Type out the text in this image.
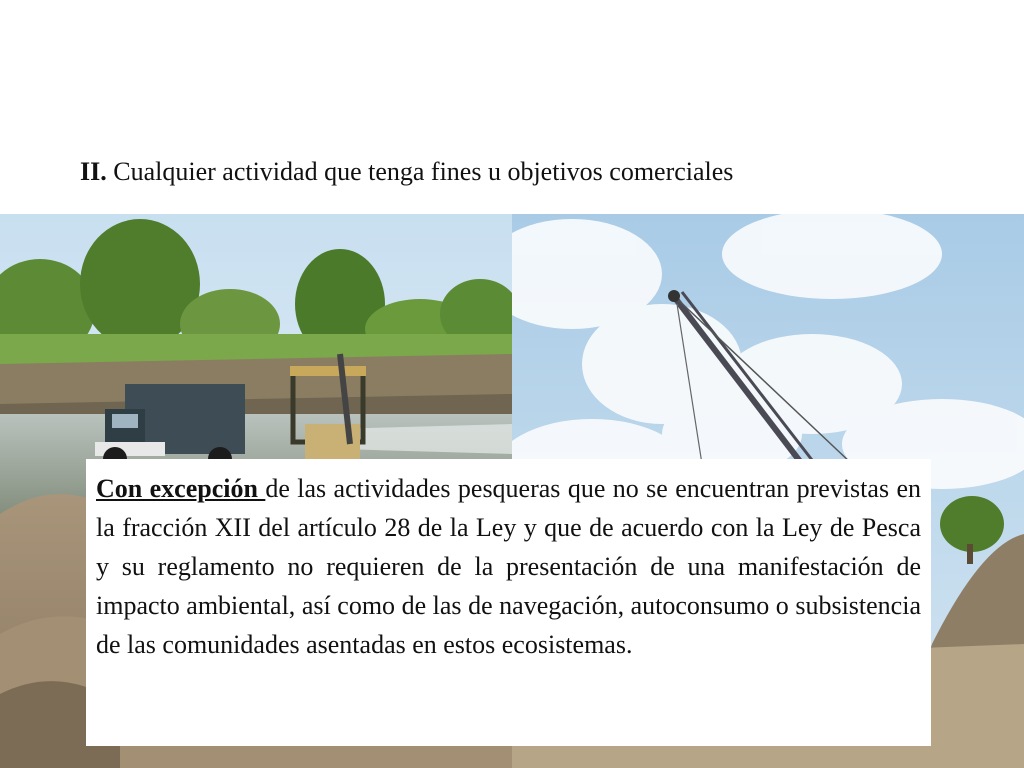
II. Cualquier actividad que tenga fines u objetivos comerciales

Con excepción de las actividades pesqueras que no se encuentran previstas en la fracción XII del artículo 28 de la Ley y que de acuerdo con la Ley de Pesca y su reglamento no requieren de la presentación de una manifestación de impacto ambiental, así como de las de navegación, autoconsumo o subsistencia de las comunidades asentadas en estos ecosistemas.
